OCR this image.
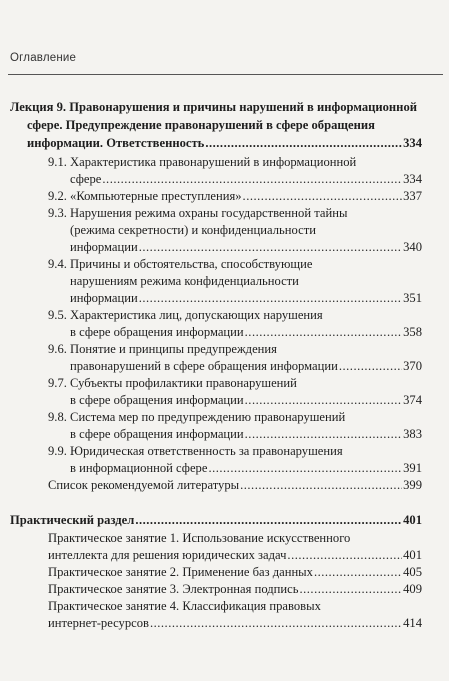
Оглавление
Лекция 9. Правонарушения и причины нарушений в информационной
сфере. Предупреждение правонарушений в сфере обращения
информации. Ответственность .....	334
9.1. Характеристика правонарушений в информационной
сфере .....	334
9.2. «Компьютерные преступления» .....	337
9.3. Нарушения режима охраны государственной тайны
(режима секретности) и конфиденциальности
информации .....	340
9.4. Причины и обстоятельства, способствующие
нарушениям режима конфиденциальности
информации .....	351
9.5. Характеристика лиц, допускающих нарушения
в сфере обращения информации .....	358
9.6. Понятие и принципы предупреждения
правонарушений в сфере обращения информации .....	370
9.7. Субъекты профилактики правонарушений
в сфере обращения информации .....	374
9.8. Система мер по предупреждению правонарушений
в сфере обращения информации .....	383
9.9. Юридическая ответственность за правонарушения
в информационной сфере .....	391
Список рекомендуемой литературы .....	399
Практический раздел .....	401
Практическое занятие 1. Использование искусственного
интеллекта для решения юридических задач .....	401
Практическое занятие 2. Применение баз данных .....	405
Практическое занятие 3. Электронная подпись .....	409
Практическое занятие 4. Классификация правовых
интернет-ресурсов .....	414
